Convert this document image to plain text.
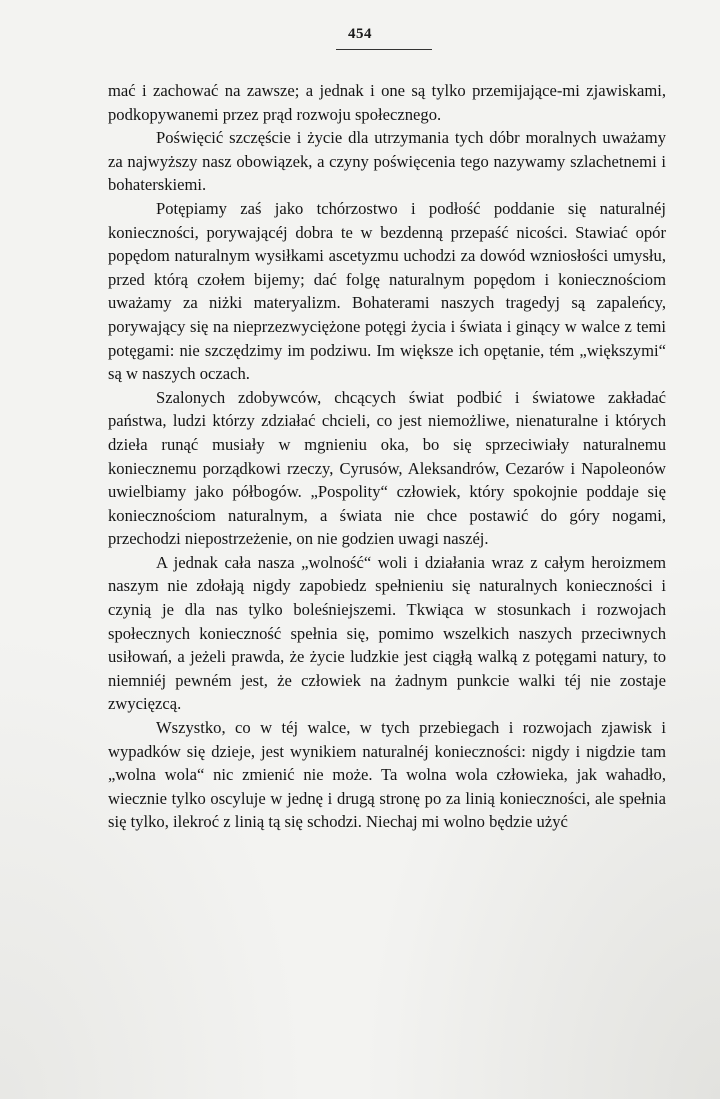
454

mać i zachować na zawsze; a jednak i one są tylko przemijające-mi zjawiskami, podkopywanemi przez prąd rozwoju społecznego.

Poświęcić szczęście i życie dla utrzymania tych dóbr moralnych uważamy za najwyższy nasz obowiązek, a czyny poświęcenia tego nazywamy szlachetnemi i bohaterskiemi.

Potępiamy zaś jako tchórzostwo i podłość poddanie się naturalnéj konieczności, porywającéj dobra te w bezdenną przepaść nicości. Stawiać opór popędom naturalnym wysiłkami ascetyzmu uchodzi za dowód wzniosłości umysłu, przed którą czołem bijemy; dać folgę naturalnym popędom i koniecznościom uważamy za niżki materyalizm. Bohaterami naszych tragedyj są zapaleńcy, porywający się na nieprzezwyciężone potęgi życia i świata i ginący w walce z temi potęgami: nie szczędzimy im podziwu. Im większe ich opętanie, tém „większymi“ są w naszych oczach.

Szalonych zdobywców, chcących świat podbić i światowe zakładać państwa, ludzi którzy zdziałać chcieli, co jest niemożliwe, nienaturalne i których dzieła runąć musiały w mgnieniu oka, bo się sprzeciwiały naturalnemu koniecznemu porządkowi rzeczy, Cyrusów, Aleksandrów, Cezarów i Napoleonów uwielbiamy jako półbogów. „Pospolity“ człowiek, który spokojnie poddaje się koniecznościom naturalnym, a świata nie chce postawić do góry nogami, przechodzi niepostrzeżenie, on nie godzien uwagi naszéj.

A jednak cała nasza „wolność“ woli i działania wraz z całym heroizmem naszym nie zdołają nigdy zapobiedz spełnieniu się naturalnych konieczności i czynią je dla nas tylko boleśniejszemi. Tkwiąca w stosunkach i rozwojach społecznych konieczność spełnia się, pomimo wszelkich naszych przeciwnych usiłowań, a jeżeli prawda, że życie ludzkie jest ciągłą walką z potęgami natury, to niemniéj pewném jest, że człowiek na żadnym punkcie walki téj nie zostaje zwycięzcą.

Wszystko, co w téj walce, w tych przebiegach i rozwojach zjawisk i wypadków się dzieje, jest wynikiem naturalnéj konieczności: nigdy i nigdzie tam „wolna wola“ nic zmienić nie może. Ta wolna wola człowieka, jak wahadło, wiecznie tylko oscyluje w jednę i drugą stronę po za linią konieczności, ale spełnia się tylko, ilekroć z linią tą się schodzi. Niechaj mi wolno będzie użyć
